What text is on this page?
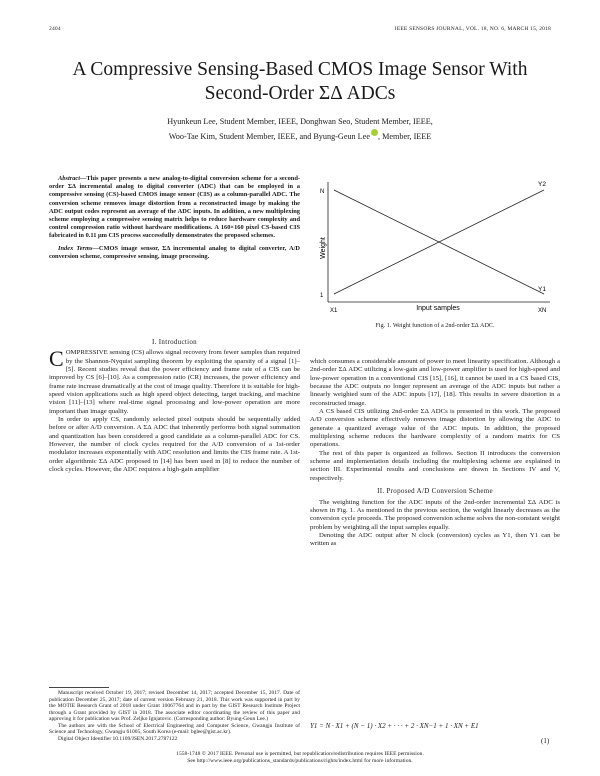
2404	IEEE SENSORS JOURNAL, VOL. 18, NO. 6, MARCH 15, 2018
A Compressive Sensing-Based CMOS Image Sensor With Second-Order ΣΔ ADCs
Hyunkeun Lee, Student Member, IEEE, Donghwan Seo, Student Member, IEEE,
Woo-Tae Kim, Student Member, IEEE, and Byung-Geun Lee , Member, IEEE

Abstract—This paper presents a new analog-to-digital conversion scheme for a second-order ΣΔ incremental analog to digital converter (ADC) that can be employed in a compressive sensing (CS)-based CMOS image sensor (CIS) as a column-parallel ADC. The conversion scheme removes image distortion from a reconstructed image by making the ADC output codes represent an average of the ADC inputs. In addition, a new multiplexing scheme employing a compressive sensing matrix helps to reduce hardware complexity and control compression ratio without hardware modifications. A 160×160 pixel CS-based CIS fabricated in 0.11 μm CIS process successfully demonstrates the proposed schemes.

Index Terms—CMOS image sensor, ΣΔ incremental analog to digital converter, A/D conversion scheme, compressive sensing, image processing.

I. Introduction

COMPRESSIVE sensing (CS) allows signal recovery from fewer samples than required by the Shannon-Nyquist sampling theorem by exploiting the sparsity of a signal [1]–[5]. Recent studies reveal that the power efficiency and frame rate of a CIS can be improved by CS [6]–[10]. As a compression ratio (CR) increases, the power efficiency and frame rate increase dramatically at the cost of image quality. Therefore it is suitable for high-speed vision applications such as high speed object detecting, target tracking, and machine vision [11]–[13] where real-time signal processing and low-power operation are more important than image quality.

In order to apply CS, randomly selected pixel outputs should be sequentially added before or after A/D conversion. A ΣΔ ADC that inherently performs both signal summation and quantization has been considered a good candidate as a column-parallel ADC for CS. However, the number of clock cycles required for the A/D conversion of a 1st-order modulator increases exponentially with ADC resolution and limits the CIS frame rate. A 1st-order algorithmic ΣΔ ADC proposed in [14] has been used in [8] to reduce the number of clock cycles. However, the ADC requires a high-gain amplifier

Manuscript received October 19, 2017; revised December 14, 2017; accepted December 15, 2017. Date of publication December 25, 2017; date of current version February 21, 2018. This work was supported in part by the MOTIE Research Grant of 2018 under Grant 10067764 and in part by the GIST Research Institute Project through a Grant provided by GIST in 2018. The associate editor coordinating the review of this paper and approving it for publication was Prof. Zeljko Ignjatovic. (Corresponding author: Byung-Geun Lee.)

The authors are with the School of Electrical Engineering and Computer Science, Gwangju Institute of Science and Technology, Gwangju 61005, South Korea (e-mail: bglee@gist.ac.kr).

Digital Object Identifier 10.1109/JSEN.2017.2787122

Y1
Y2
N
1
X1	XN
Input samples
Weight
Fig. 1. Weight function of a 2nd-order ΣΔ ADC.

which consumes a considerable amount of power to meet linearity specification. Although a 2nd-order ΣΔ ADC utilizing a low-gain and low-power amplifier is used for high-speed and low-power operation in a conventional CIS [15], [16], it cannot be used in a CS based CIS, because the ADC outputs no longer represent an average of the ADC inputs but rather a linearly weighted sum of the ADC inputs [17], [18]. This results in severe distortion in a reconstructed image.

A CS based CIS utilizing 2nd-order ΣΔ ADCs is presented in this work. The proposed A/D conversion scheme effectively removes image distortion by allowing the ADC to generate a quantized average value of the ADC inputs. In addition, the proposed multiplexing scheme reduces the hardware complexity of a random matrix for CS operations.

The rest of this paper is organized as follows. Section II introduces the conversion scheme and implementation details including the multiplexing scheme are explained in section III. Experimental results and conclusions are drawn in Sections IV and V, respectively.

II. Proposed A/D Conversion Scheme

The weighting function for the ADC inputs of the 2nd-order incremental ΣΔ ADC is shown in Fig. 1. As mentioned in the previous section, the weight linearly decreases as the conversion cycle proceeds. The proposed conversion scheme solves the non-constant weight problem by weighting all the input samples equally.

Denoting the ADC output after N clock (conversion) cycles as Y1, then Y1 can be written as

Y1 = N · X1 + (N − 1) · X2 + · · · + 2 · XN−1 + 1 · XN + E1
(1)
1558-1748 © 2017 IEEE. Personal use is permitted, but republication/redistribution requires IEEE permission.
See http://www.ieee.org/publications_standards/publications/rights/index.html for more information.
